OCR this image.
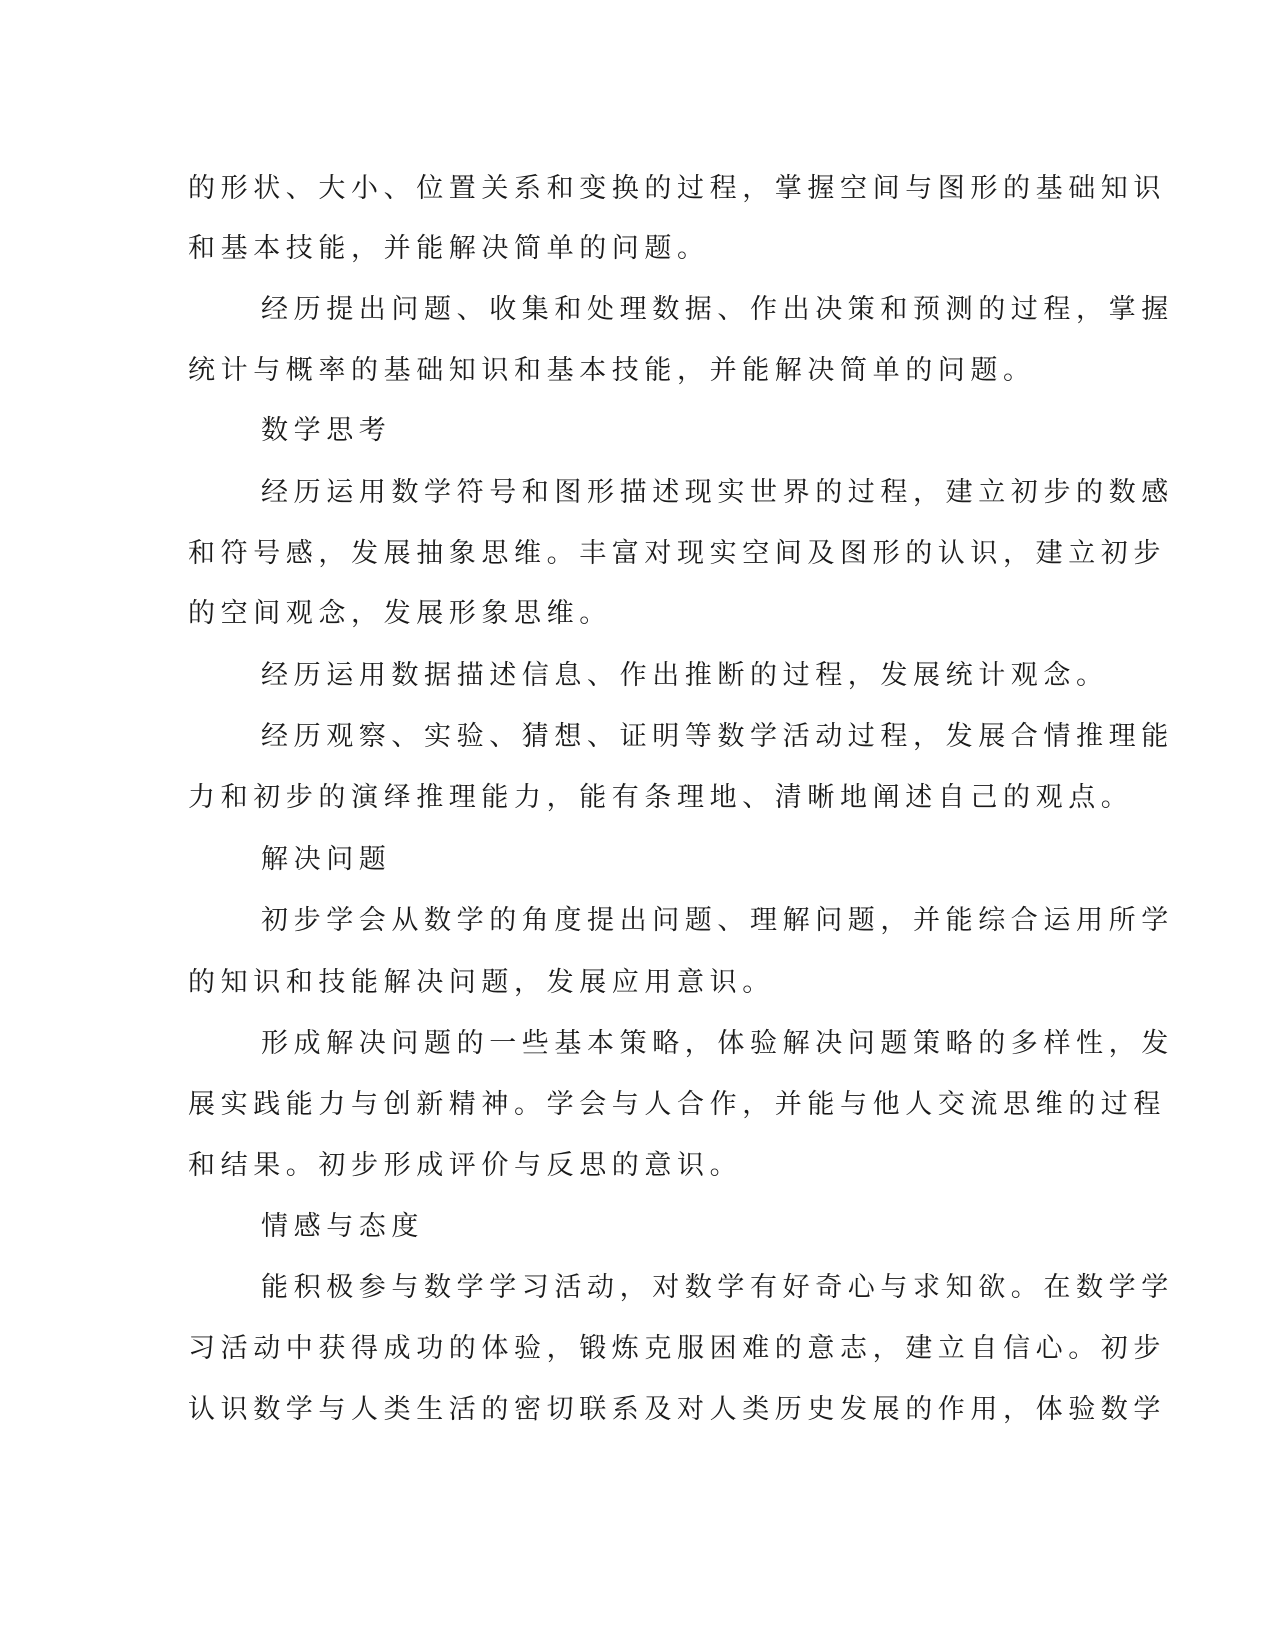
的形状、大小、位置关系和变换的过程，掌握空间与图形的基础知识
和基本技能，并能解决简单的问题。
经历提出问题、收集和处理数据、作出决策和预测的过程，掌握
统计与概率的基础知识和基本技能，并能解决简单的问题。
数学思考
经历运用数学符号和图形描述现实世界的过程，建立初步的数感
和符号感，发展抽象思维。丰富对现实空间及图形的认识，建立初步
的空间观念，发展形象思维。
经历运用数据描述信息、作出推断的过程，发展统计观念。
经历观察、实验、猜想、证明等数学活动过程，发展合情推理能
力和初步的演绎推理能力，能有条理地、清晰地阐述自己的观点。
解决问题
初步学会从数学的角度提出问题、理解问题，并能综合运用所学
的知识和技能解决问题，发展应用意识。
形成解决问题的一些基本策略，体验解决问题策略的多样性，发
展实践能力与创新精神。学会与人合作，并能与他人交流思维的过程
和结果。初步形成评价与反思的意识。
情感与态度
能积极参与数学学习活动，对数学有好奇心与求知欲。在数学学
习活动中获得成功的体验，锻炼克服困难的意志，建立自信心。初步
认识数学与人类生活的密切联系及对人类历史发展的作用，体验数学
